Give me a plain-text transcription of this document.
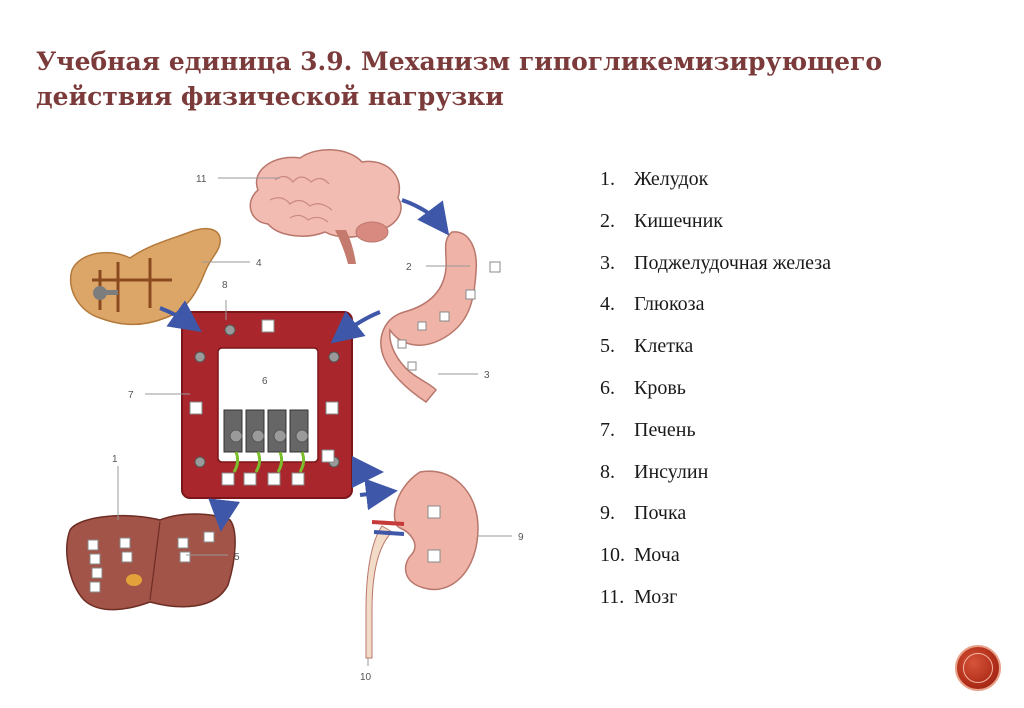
Учебная единица 3.9. Механизм гипогликемизирующего
действия физической нагрузки
11
4	2
3
8
7
6
1
5
9
10
1. Желудок
2. Кишечник
3. Поджелудочная железа
4. Глюкоза
5. Клетка
6. Кровь
7. Печень
8. Инсулин
9. Почка
10. Моча
11. Мозг
